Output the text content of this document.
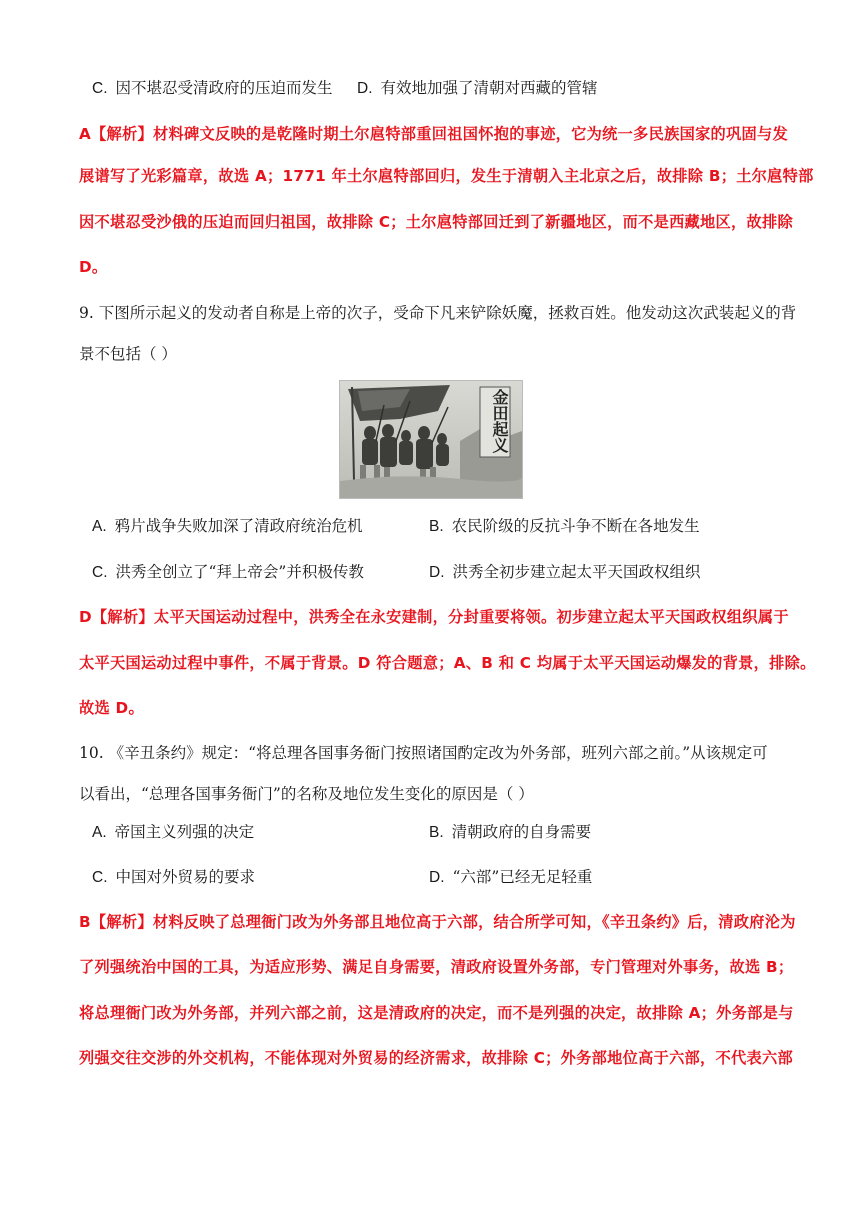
C. 因不堪忍受清政府的压迫而发生 D. 有效地加强了清朝对西藏的管辖
A【解析】材料碑文反映的是乾隆时期土尔扈特部重回祖国怀抱的事迹，它为统一多民族国家的巩固与发
展谱写了光彩篇章，故选 A；1771 年土尔扈特部回归，发生于清朝入主北京之后，故排除 B；土尔扈特部
因不堪忍受沙俄的压迫而回归祖国，故排除 C；土尔扈特部回迁到了新疆地区，而不是西藏地区，故排除
D。
9. 下图所示起义的发动者自称是上帝的次子，受命下凡来铲除妖魔，拯救百姓。他发动这次武装起义的背
景不包括（ ）
金田起义
A. 鸦片战争失败加深了清政府统治危机	B. 农民阶级的反抗斗争不断在各地发生
C. 洪秀全创立了“拜上帝会”并积极传教	D. 洪秀全初步建立起太平天国政权组织
D【解析】太平天国运动过程中，洪秀全在永安建制，分封重要将领。初步建立起太平天国政权组织属于
太平天国运动过程中事件，不属于背景。D 符合题意；A、B 和 C 均属于太平天国运动爆发的背景，排除。
故选 D。
10. 《辛丑条约》规定：“将总理各国事务衙门按照诸国酌定改为外务部，班列六部之前。”从该规定可
以看出，“总理各国事务衙门”的名称及地位发生变化的原因是（ ）
A. 帝国主义列强的决定	B. 清朝政府的自身需要
C. 中国对外贸易的要求	D. “六部”已经无足轻重
B【解析】材料反映了总理衙门改为外务部且地位高于六部，结合所学可知，《辛丑条约》后，清政府沦为
了列强统治中国的工具，为适应形势、满足自身需要，清政府设置外务部，专门管理对外事务，故选 B；
将总理衙门改为外务部，并列六部之前，这是清政府的决定，而不是列强的决定，故排除 A；外务部是与
列强交往交涉的外交机构，不能体现对外贸易的经济需求，故排除 C；外务部地位高于六部，不代表六部
